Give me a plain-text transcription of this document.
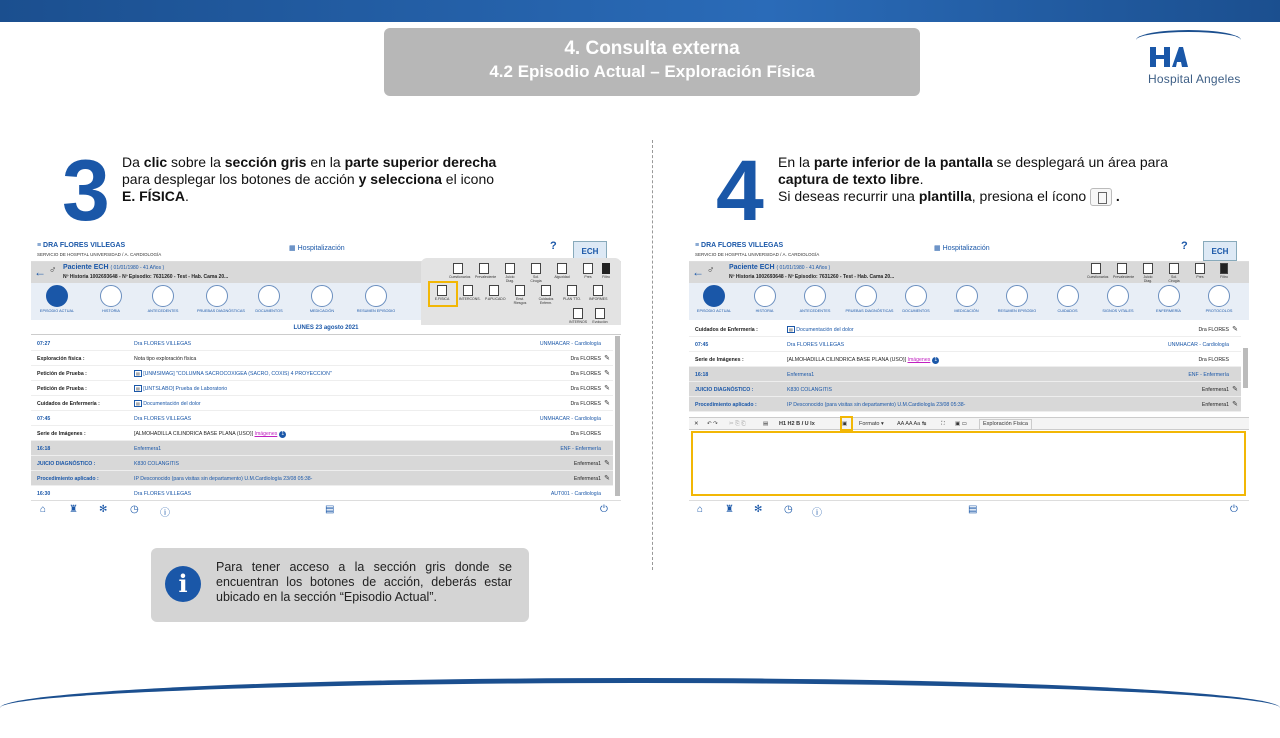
4. Consulta externa
4.2 Episodio Actual – Exploración Física	Hospital Angeles
3 Da clic sobre la sección gris en la parte superior derecha
para desplegar los botones de acción y selecciona el icono
E. FÍSICA.	4 En la parte inferior de la pantalla se desplegará un área para
captura de texto libre.
Si deseas recurrir una plantilla, presiona el ícono  .
≡ DRA FLORES VILLEGAS
SERVICIO DE HOSPITAL UNIVERSIDAD / A. CARDIOLOGÍA
▦ Hospitalización	?	ECH
← ♂ Paciente ECH ( 01/01/1980 - 41 Años )
Nº Historia 1002693648 - Nº Episodio: 7631260 - Test - Hab. Cama 20...
EPISODIO ACTUAL	HISTORIA	ANTECEDENTES	PRUEBAS DIAGNÓSTICAS	DOCUMENTOS	MEDICACIÓN	RESUMEN EPISODIO
Cuestionarios Prevaleciente	Juicio Diag.
Sol. Cirugía
Alguxidad	Pres	Filtro
E.FISICA	INTERCONS. P.APLICADO	Enst. Riesgos
Cuidados Enferm.
PLAN TTO. INFORMES
INTERNOS	Evolución
LUNES 23 agosto 2021
07:27	Dra FLORES VILLEGAS	UNMHACAR - Cardiología
Exploración física :	Nota tipo exploración física	Dra FLORES ✎
Petición de Prueba :	▤ [UNMSIMAG] "COLUMNA SACROCOXIGEA (SACRO, COXIS) 4 PROYECCION"	Dra FLORES ✎
Petición de Prueba :	▤ [UNTSLABO] Prueba de Laboratorio	Dra FLORES ✎
Cuidados de Enfermería :	▤ Documentación del dolor	Dra FLORES ✎
07:45	Dra FLORES VILLEGAS	UNMHACAR - Cardiología
Serie de Imágenes :	[ALMOHADILLA CILINDRICA BASE PLANA (USO)] Imágenes 1	Dra FLORES
16:18	Enfermera1	ENF - Enfermería
JUICIO DIAGNÓSTICO :	K830 COLANGITIS	Enfermera1 ✎
Procedimiento aplicado :	IP Desconocido (para visitas sin departamento) U.M.Cardiología 23/08 05:38-	Enfermera1 ✎
16:30	Dra FLORES VILLEGAS	AUT001 - Cardiología
⌂ ♜ ✻ ◷ ⓘ	▤	⏻
≡ DRA FLORES VILLEGAS
SERVICIO DE HOSPITAL UNIVERSIDAD / A. CARDIOLOGÍA
▦ Hospitalización	?	ECH
← ♂ Paciente ECH ( 01/01/1980 - 41 Años )
Nº Historia 1002693648 - Nº Episodio: 7631260 - Test - Hab. Cama 20...	Cuestionarios Prevaleciente	Juicio Diag.
Sol. Cirugía
Pres	Filtro
EPISODIO ACTUAL	HISTORIA	ANTECEDENTES	PRUEBAS DIAGNÓSTICAS	DOCUMENTOS	MEDICACIÓN	RESUMEN EPISODIO	CUIDADOS	SIGNOS VITALES	ENFERMERÍA	PROTOCOLOS
Cuidados de Enfermería :	▤ Documentación del dolor	Dra FLORES ✎
07:45	Dra FLORES VILLEGAS	UNMHACAR - Cardiología
Serie de Imágenes :	[ALMOHADILLA CILINDRICA BASE PLANA (USO)] Imágenes 1	Dra FLORES
16:18	Enfermera1	ENF - Enfermería
JUICIO DIAGNÓSTICO :	K830 COLANGITIS	Enfermera1 ✎
Procedimiento aplicado :	IP Desconocido (para visitas sin departamento) U.M.Cardiología 23/08 05:38-	Enfermera1 ✎
✕ ↶ ↷ ✂ ⎘ ⎗	▤ H1 H2 B I U Ix	▣ Formato ▾ AA AA Aa ↹	⛶ ▣ ▭	Exploración Física
⌂ ♜ ✻ ◷ ⓘ	▤	⏻
i
Para tener acceso a la sección gris donde se encuentran los botones de acción, deberás estar ubicado en la sección “Episodio Actual”.
